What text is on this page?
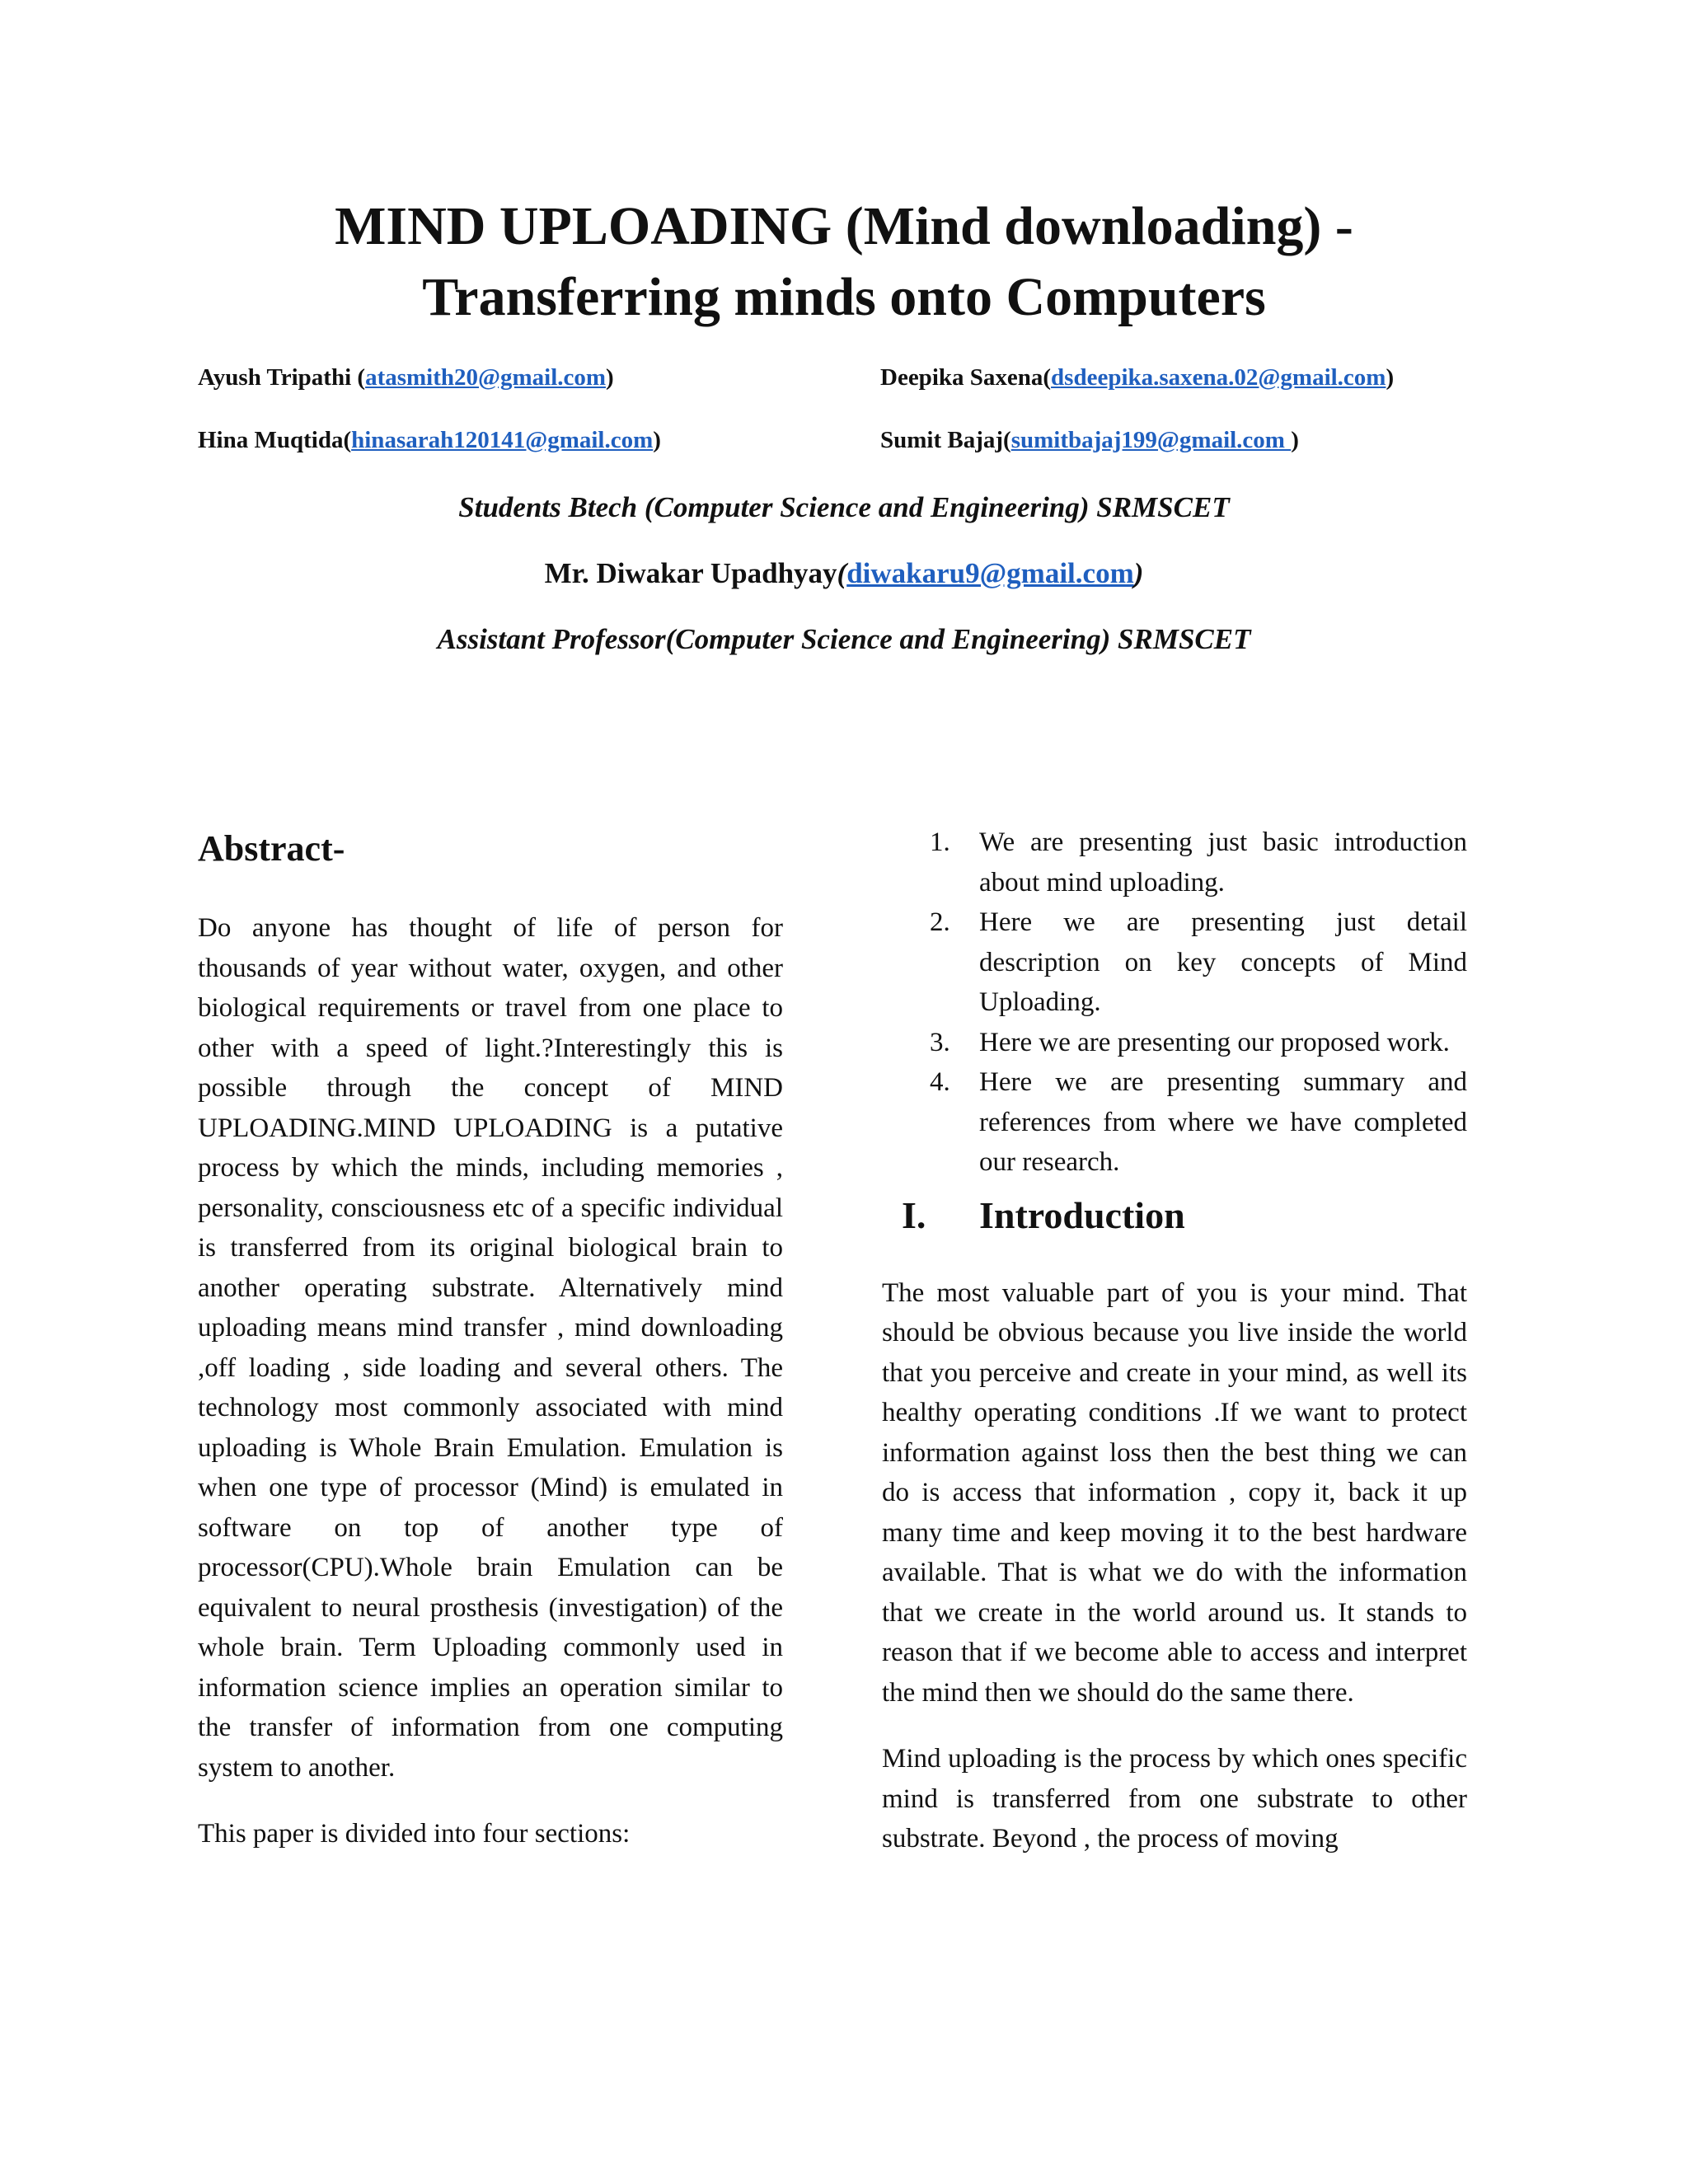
MIND UPLOADING (Mind downloading) -
Transferring minds onto Computers
Ayush Tripathi (atasmith20@gmail.com)	Deepika Saxena(dsdeepika.saxena.02@gmail.com)
Hina Muqtida(hinasarah120141@gmail.com)	Sumit Bajaj(sumitbajaj199@gmail.com )
Students Btech (Computer Science and Engineering) SRMSCET
Mr. Diwakar Upadhyay(diwakaru9@gmail.com)
Assistant Professor(Computer Science and Engineering) SRMSCET
Abstract-

Do anyone has thought of life of person for thousands of year without water, oxygen, and other biological requirements or travel from one place to other with a speed of light.?Interestingly this is possible through the concept of MIND UPLOADING.MIND UPLOADING is a putative process by which the minds, including memories , personality, consciousness etc of a specific individual is transferred from its original biological brain to another operating substrate. Alternatively mind uploading means mind transfer , mind downloading ,off loading , side loading and several others. The technology most commonly associated with mind uploading is Whole Brain Emulation. Emulation is when one type of processor (Mind) is emulated in software on top of another type of processor(CPU).Whole brain Emulation can be equivalent to neural prosthesis (investigation) of the whole brain. Term Uploading commonly used in information science implies an operation similar to the transfer of information from one computing system to another.

This paper is divided into four sections:

1. We are presenting just basic introduction about mind uploading.
2. Here we are presenting just detail description on key concepts of Mind Uploading.
3. Here we are presenting our proposed work.
4. Here we are presenting summary and references from where we have completed our research.
I. Introduction

The most valuable part of you is your mind. That should be obvious because you live inside the world that you perceive and create in your mind, as well its healthy operating conditions .If we want to protect information against loss then the best thing we can do is access that information , copy it, back it up many time and keep moving it to the best hardware available. That is what we do with the information that we create in the world around us. It stands to reason that if we become able to access and interpret the mind then we should do the same there.

Mind uploading is the process by which ones specific mind is transferred from one substrate to other substrate. Beyond , the process of moving
